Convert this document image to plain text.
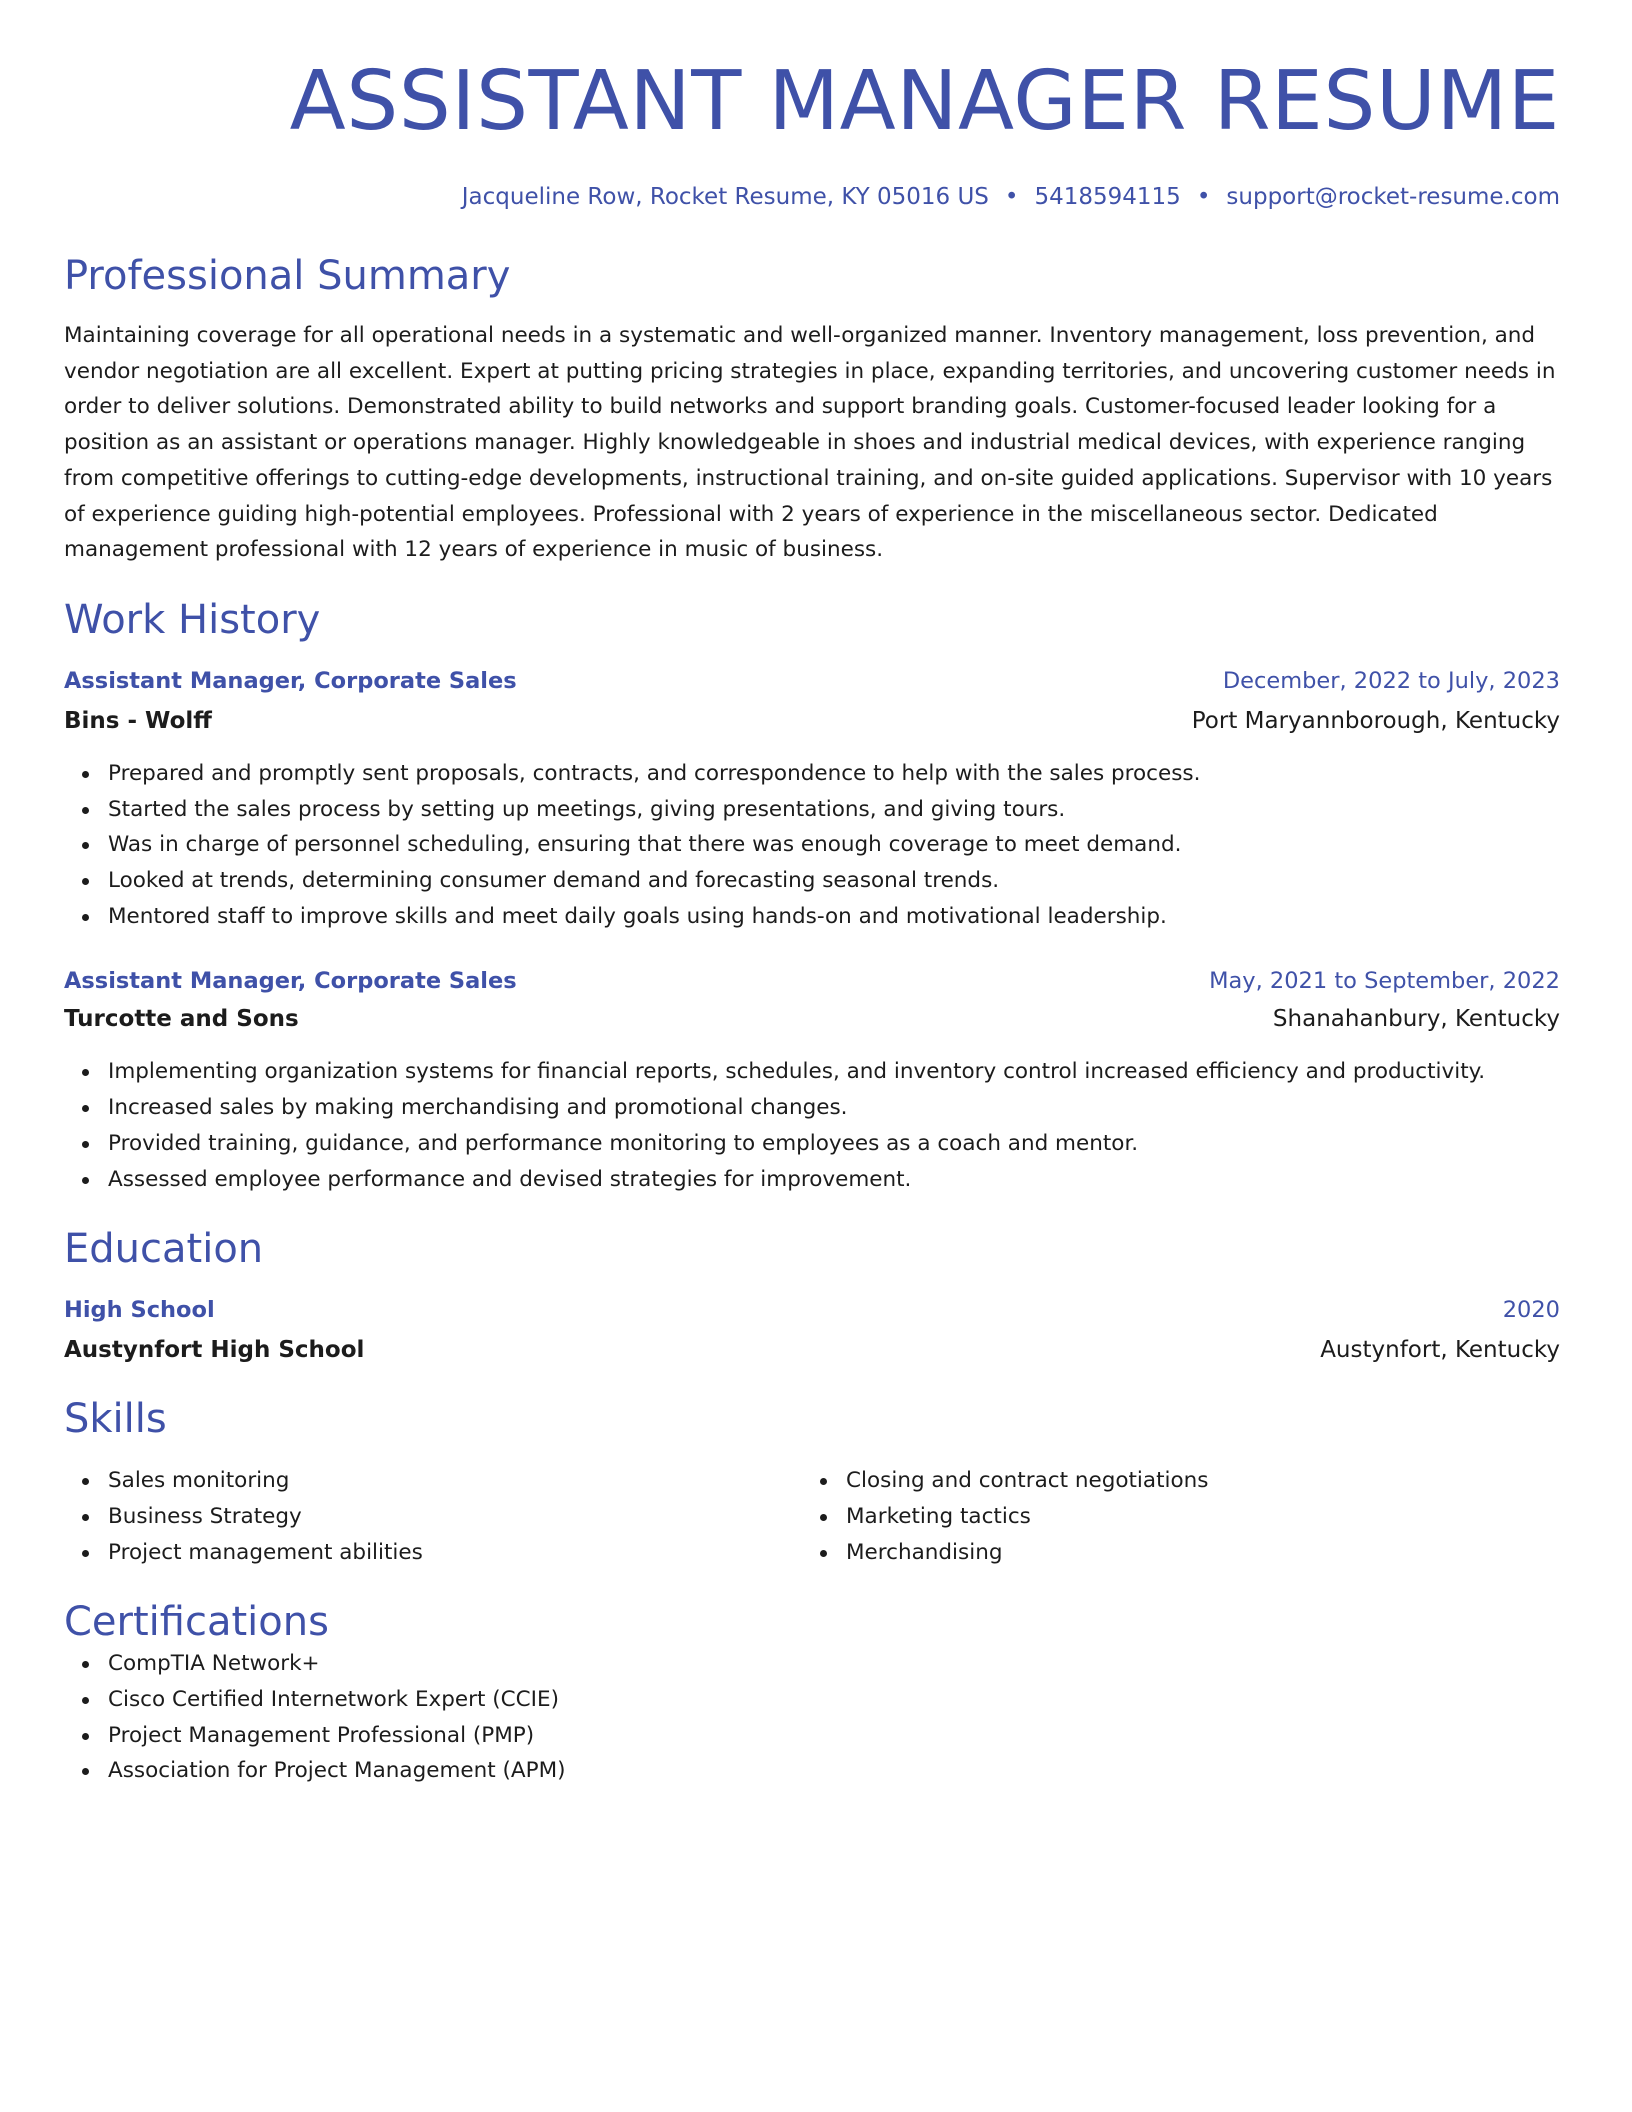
ASSISTANT MANAGER RESUME
Jacqueline Row, Rocket Resume, KY 05016 US • 5418594115 • support@rocket-resume.com
Professional Summary

Maintaining coverage for all operational needs in a systematic and well-organized manner. Inventory management, loss prevention, and vendor negotiation are all excellent. Expert at putting pricing strategies in place, expanding territories, and uncovering customer needs in order to deliver solutions. Demonstrated ability to build networks and support branding goals. Customer-focused leader looking for a position as an assistant or operations manager. Highly knowledgeable in shoes and industrial medical devices, with experience ranging from competitive offerings to cutting-edge developments, instructional training, and on-site guided applications. Supervisor with 10 years of experience guiding high-potential employees. Professional with 2 years of experience in the miscellaneous sector. Dedicated management professional with 12 years of experience in music of business.

Work History
Assistant Manager, Corporate Sales	December, 2022 to July, 2023
Bins - Wolff	Port Maryannborough, Kentucky
Prepared and promptly sent proposals, contracts, and correspondence to help with the sales process.
Started the sales process by setting up meetings, giving presentations, and giving tours.
Was in charge of personnel scheduling, ensuring that there was enough coverage to meet demand.
Looked at trends, determining consumer demand and forecasting seasonal trends.
Mentored staff to improve skills and meet daily goals using hands-on and motivational leadership.
Assistant Manager, Corporate Sales	May, 2021 to September, 2022
Turcotte and Sons	Shanahanbury, Kentucky
Implementing organization systems for financial reports, schedules, and inventory control increased efficiency and productivity.
Increased sales by making merchandising and promotional changes.
Provided training, guidance, and performance monitoring to employees as a coach and mentor.
Assessed employee performance and devised strategies for improvement.
Education
High School	2020
Austynfort High School	Austynfort, Kentucky
Skills
Sales monitoring
Business Strategy
Project management abilities
Closing and contract negotiations
Marketing tactics
Merchandising
Certifications
CompTIA Network+
Cisco Certified Internetwork Expert (CCIE)
Project Management Professional (PMP)
Association for Project Management (APM)
